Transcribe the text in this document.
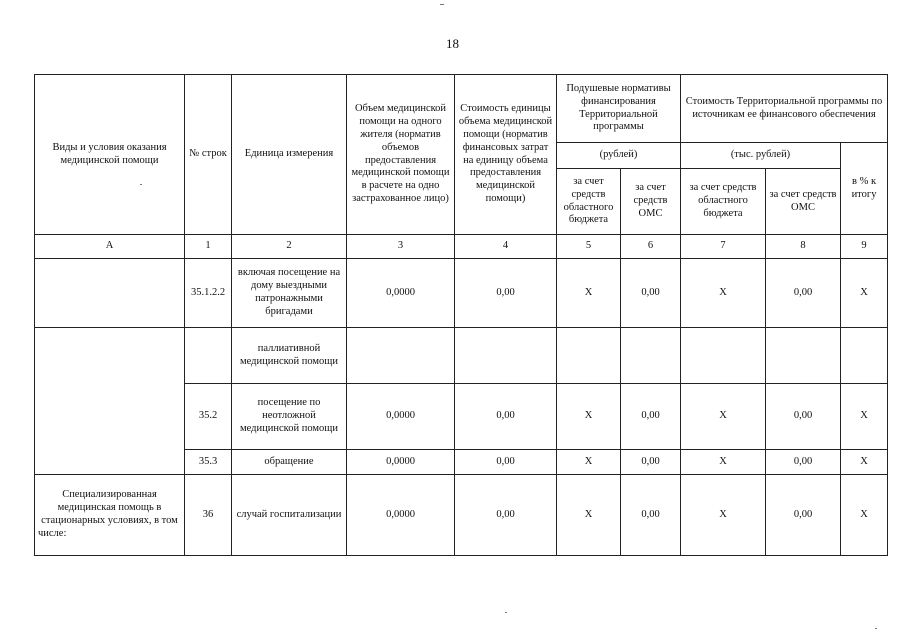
18
Виды и условия оказания медицинской помощи	№ строк	Единица измерения	Объем медицинской помощи на одного жителя (норматив объемов предоставления медицинской помощи в расчете на одно застрахованное лицо)	Стоимость единицы объема медицинской помощи (норматив финансовых затрат на единицу объема предоставления медицинской помощи)	Подушевые нормативы финансирования Территориальной программы		Стоимость Территориальной программы по источникам ее финансового обеспечения		
					(рублей)		(тыс. рублей)		в % к итогу
					за счет средств областного бюджета	за счет средств ОМС	за счет средств областного бюджета	за счет средств ОМС	
А	1	2	3	4	5	6	7	8	9
	35.1.2.2	включая посещение на дому выездными патронажными бригадами	0,0000	0,00	Х	0,00	Х	0,00	Х
		паллиативной медицинской помощи							
	35.2	посещение по неотложной медицинской помощи	0,0000	0,00	Х	0,00	Х	0,00	Х
	35.3	обращение	0,0000	0,00	Х	0,00	Х	0,00	Х
Специализированная медицинская помощь в стационарных условиях, в том числе:	36	случай госпитализации	0,0000	0,00	Х	0,00	Х	0,00	Х
